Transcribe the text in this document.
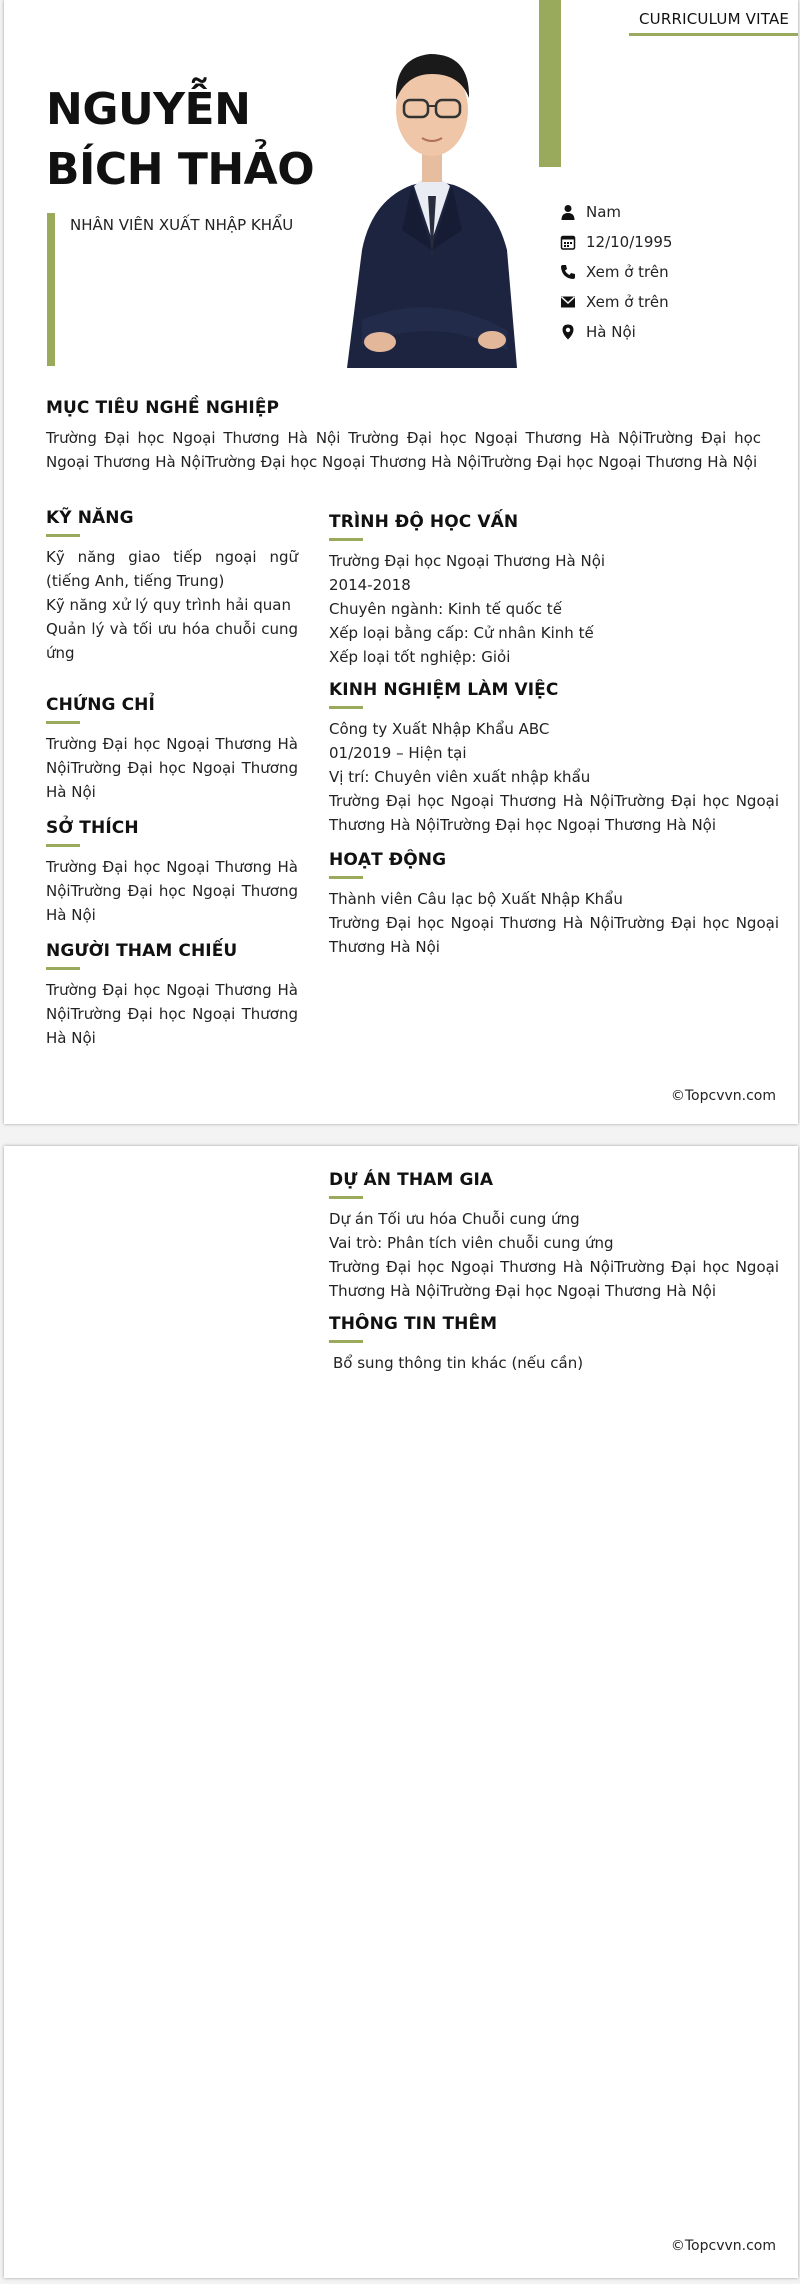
CURRICULUM VITAE
NGUYỄN
BÍCH THẢO
NHÂN VIÊN XUẤT NHẬP KHẨU
Nam
12/10/1995
Xem ở trên
Xem ở trên
Hà Nội
MỤC TIÊU NGHỀ NGHIỆP
Trường Đại học Ngoại Thương Hà Nội Trường Đại học Ngoại Thương Hà NộiTrường Đại học Ngoại Thương Hà NộiTrường Đại học Ngoại Thương Hà NộiTrường Đại học Ngoại Thương Hà Nội
KỸ NĂNG
Kỹ năng giao tiếp ngoại ngữ (tiếng Anh, tiếng Trung)
Kỹ năng xử lý quy trình hải quan
Quản lý và tối ưu hóa chuỗi cung ứng
CHỨNG CHỈ
Trường Đại học Ngoại Thương Hà NộiTrường Đại học Ngoại Thương Hà Nội
SỞ THÍCH
Trường Đại học Ngoại Thương Hà NộiTrường Đại học Ngoại Thương Hà Nội
NGƯỜI THAM CHIẾU
Trường Đại học Ngoại Thương Hà NộiTrường Đại học Ngoại Thương Hà Nội
TRÌNH ĐỘ HỌC VẤN
Trường Đại học Ngoại Thương Hà Nội
2014-2018
Chuyên ngành: Kinh tế quốc tế
Xếp loại bằng cấp: Cử nhân Kinh tế
Xếp loại tốt nghiệp: Giỏi
KINH NGHIỆM LÀM VIỆC
Công ty Xuất Nhập Khẩu ABC
01/2019 – Hiện tại
Vị trí: Chuyên viên xuất nhập khẩu
Trường Đại học Ngoại Thương Hà NộiTrường Đại học Ngoại Thương Hà NộiTrường Đại học Ngoại Thương Hà Nội
HOẠT ĐỘNG
Thành viên Câu lạc bộ Xuất Nhập Khẩu
Trường Đại học Ngoại Thương Hà NộiTrường Đại học Ngoại Thương Hà Nội
©Topcvvn.com
DỰ ÁN THAM GIA
Dự án Tối ưu hóa Chuỗi cung ứng
Vai trò: Phân tích viên chuỗi cung ứng
Trường Đại học Ngoại Thương Hà NộiTrường Đại học Ngoại Thương Hà NộiTrường Đại học Ngoại Thương Hà Nội
THÔNG TIN THÊM
Bổ sung thông tin khác (nếu cần)
©Topcvvn.com
